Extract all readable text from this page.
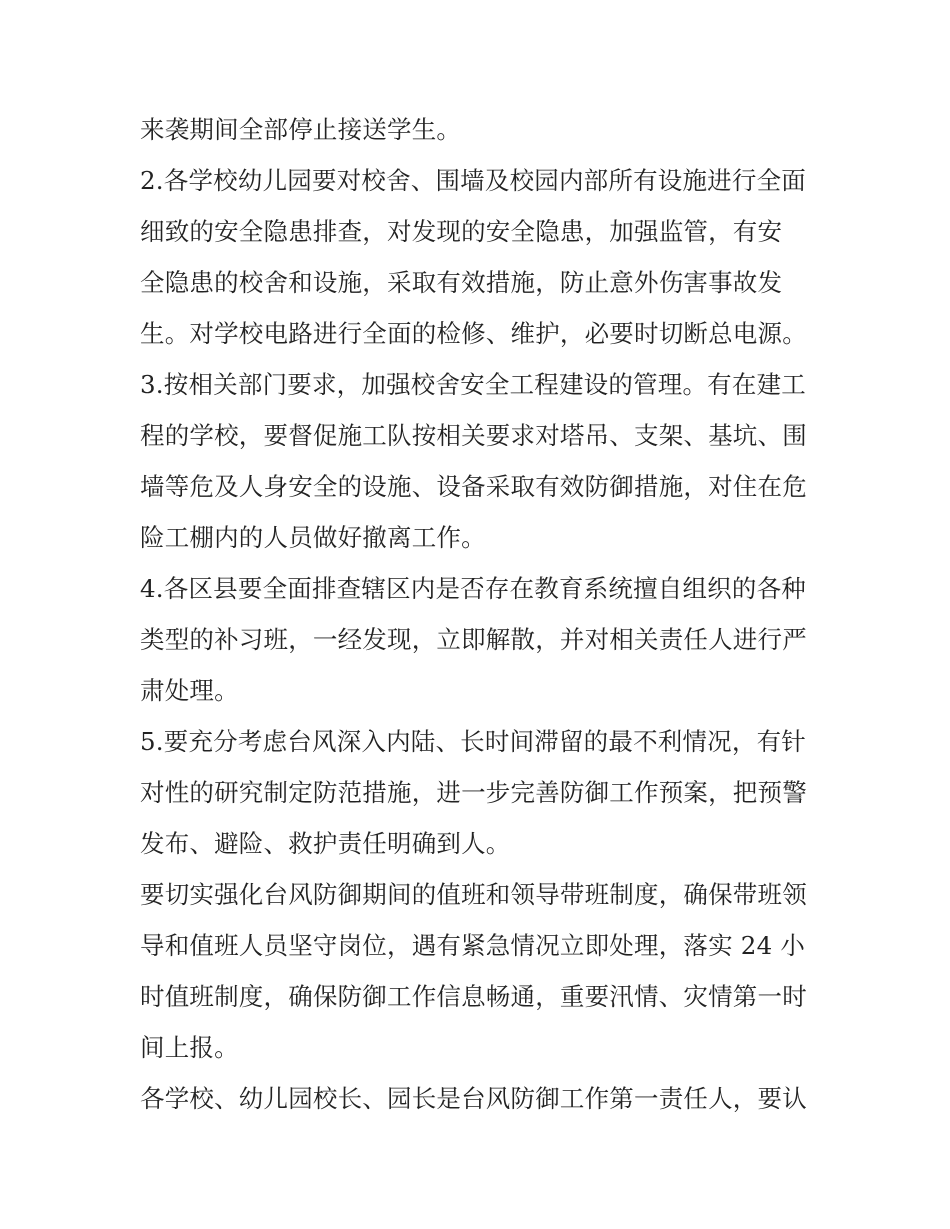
来袭期间全部停止接送学生。
2.各学校幼儿园要对校舍、围墙及校园内部所有设施进行全面
细致的安全隐患排查，对发现的安全隐患，加强监管，有安
全隐患的校舍和设施，采取有效措施，防止意外伤害事故发
生。对学校电路进行全面的检修、维护，必要时切断总电源。
3.按相关部门要求，加强校舍安全工程建设的管理。有在建工
程的学校，要督促施工队按相关要求对塔吊、支架、基坑、围
墙等危及人身安全的设施、设备采取有效防御措施，对住在危
险工棚内的人员做好撤离工作。
4.各区县要全面排查辖区内是否存在教育系统擅自组织的各种
类型的补习班，一经发现，立即解散，并对相关责任人进行严
肃处理。
5.要充分考虑台风深入内陆、长时间滞留的最不利情况，有针
对性的研究制定防范措施，进一步完善防御工作预案，把预警
发布、避险、救护责任明确到人。
要切实强化台风防御期间的值班和领导带班制度，确保带班领
导和值班人员坚守岗位，遇有紧急情况立即处理，落实 24 小
时值班制度，确保防御工作信息畅通，重要汛情、灾情第一时
间上报。
各学校、幼儿园校长、园长是台风防御工作第一责任人，要认
